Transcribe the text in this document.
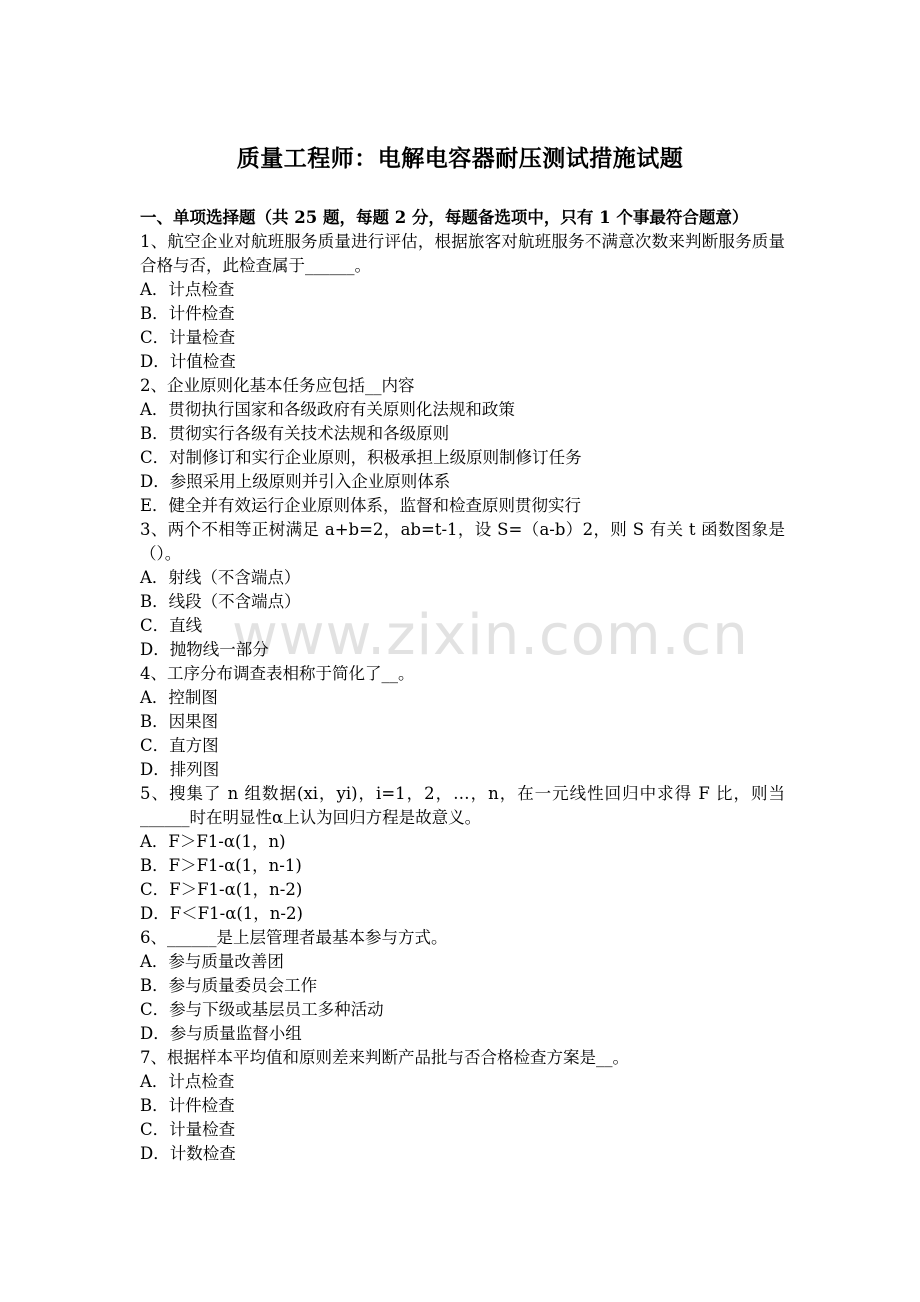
www.zixin.com.cn
质量工程师：电解电容器耐压测试措施试题
一、单项选择题（共 25 题，每题 2 分，每题备选项中，只有 1 个事最符合题意）
1、航空企业对航班服务质量进行评估，根据旅客对航班服务不满意次数来判断服务质量合格与否，此检查属于______。
A．计点检查
B．计件检查
C．计量检查
D．计值检查
2、企业原则化基本任务应包括__内容
A．贯彻执行国家和各级政府有关原则化法规和政策
B．贯彻实行各级有关技术法规和各级原则
C．对制修订和实行企业原则，积极承担上级原则制修订任务
D．参照采用上级原则并引入企业原则体系
E．健全并有效运行企业原则体系，监督和检查原则贯彻实行
3、两个不相等正树满足 a+b=2，ab=t-1，设 S=（a-b）2，则 S 有关 t 函数图象是（）。
A．射线（不含端点）
B．线段（不含端点）
C．直线
D．抛物线一部分
4、工序分布调查表相称于简化了__。
A．控制图
B．因果图
C．直方图
D．排列图
5、搜集了 n 组数据(xi，yi)，i=1，2，…，n，在一元线性回归中求得 F 比，则当______时在明显性α上认为回归方程是故意义。
A．F＞F1-α(1，n)
B．F＞F1-α(1，n-1)
C．F＞F1-α(1，n-2)
D．F＜F1-α(1，n-2)
6、______是上层管理者最基本参与方式。
A．参与质量改善团
B．参与质量委员会工作
C．参与下级或基层员工多种活动
D．参与质量监督小组
7、根据样本平均值和原则差来判断产品批与否合格检查方案是__。
A．计点检查
B．计件检查
C．计量检查
D．计数检查
